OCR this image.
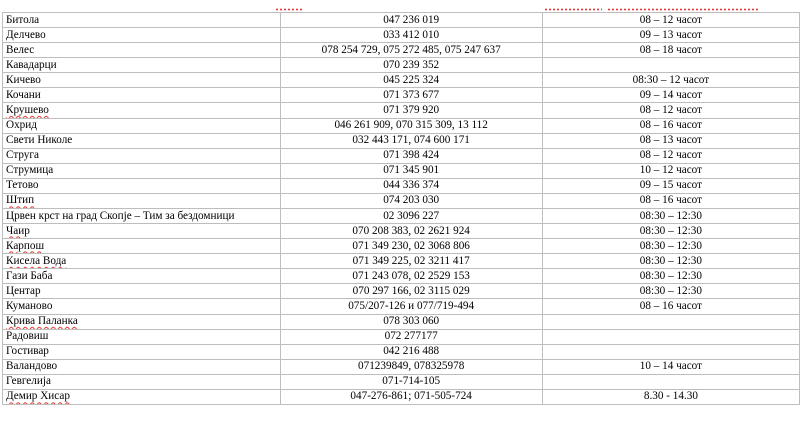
Битола	047 236 019	08 – 12 часот
Делчево	033 412 010	09 – 13 часот
Велес	078 254 729, 075 272 485, 075 247 637	08 – 18 часот
Кавадарци	070 239 352	
Кичево	045 225 324	08:30 – 12 часот
Кочани	071 373 677	09 – 14 часот
Крушево	071 379 920	08 – 12 часот
Охрид	046 261 909, 070 315 309, 13 112	08 – 16 часот
Свети Николе	032 443 171, 074 600 171	08 – 13 часот
Струга	071 398 424	08 – 12 часот
Струмица	071 345 901	10 – 12 часот
Тетово	044 336 374	09 – 15 часот
Штип	074 203 030	08 – 16 часот
Црвен крст на град Скопје – Тим за бездомници	02 3096 227	08:30 – 12:30
Чаир	070 208 383, 02 2621 924	08:30 – 12:30
Карпош	071 349 230, 02 3068 806	08:30 – 12:30
Кисела Вода	071 349 225, 02 3211 417	08:30 – 12:30
Гази Баба	071 243 078, 02 2529 153	08:30 – 12:30
Центар	070 297 166, 02 3115 029	08:30 – 12:30
Куманово	075/207-126 и 077/719-494	08 – 16 часот
Крива Паланка	078 303 060	
Радовиш	072 277177	
Гостивар	042 216 488	
Валандово	071239849, 078325978	10 – 14 часот
Гевгелија	071-714-105	
Демир Хисар	047-276-861; 071-505-724	8.30 - 14.30
